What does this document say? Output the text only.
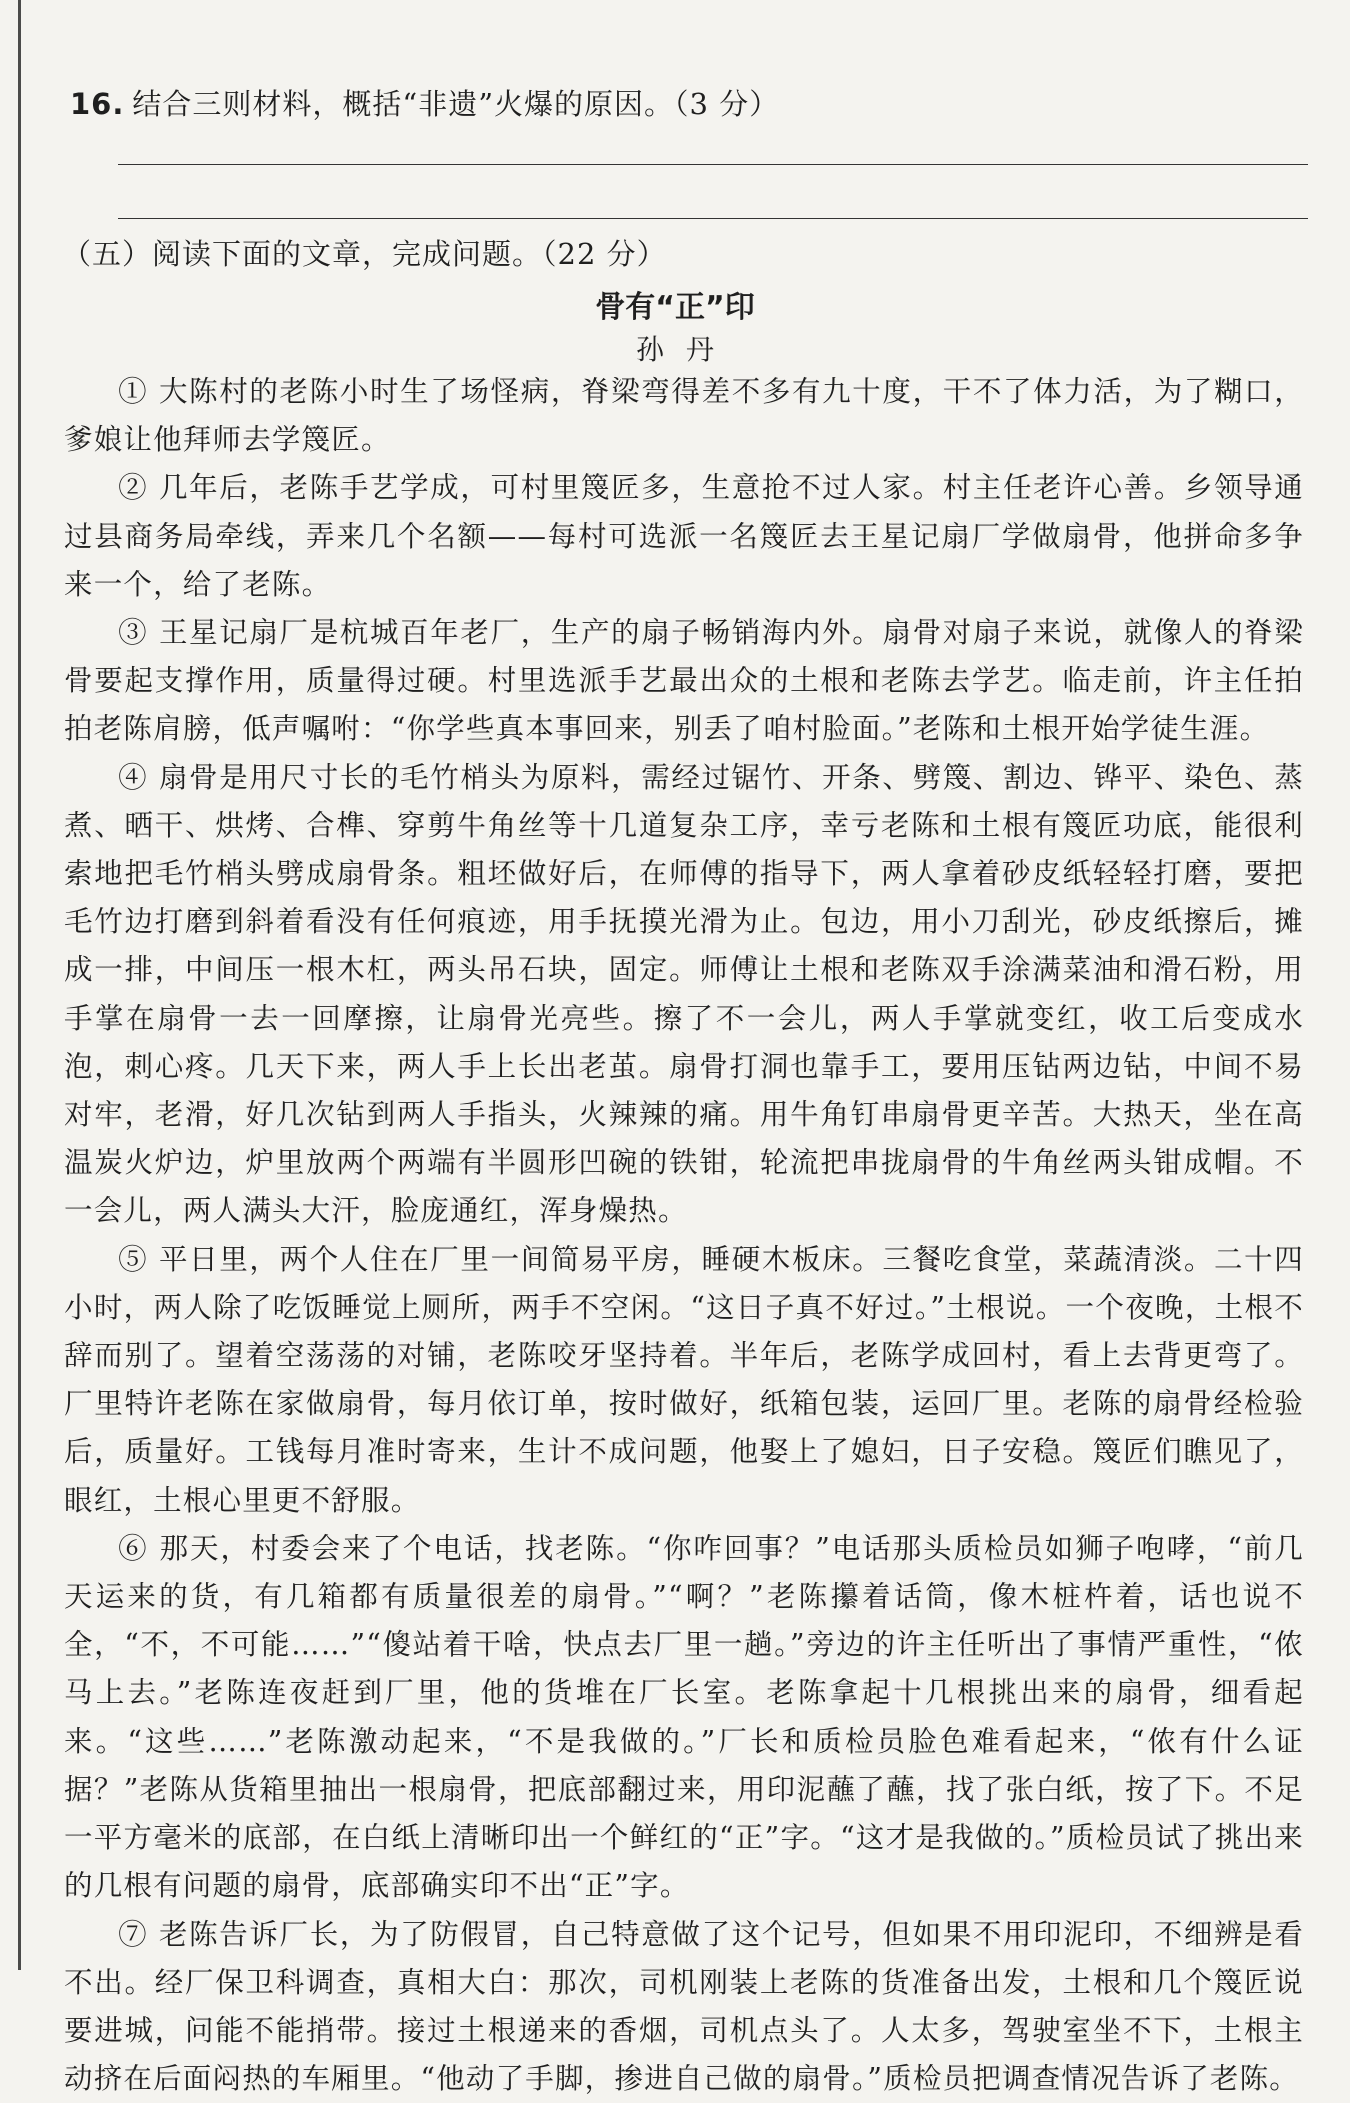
16. 结合三则材料，概括“非遗”火爆的原因。（3 分）
（五）阅读下面的文章，完成问题。（22 分）
骨有“正”印
孙丹

① 大陈村的老陈小时生了场怪病，脊梁弯得差不多有九十度，干不了体力活，为了糊口，爹娘让他拜师去学篾匠。

② 几年后，老陈手艺学成，可村里篾匠多，生意抢不过人家。村主任老许心善。乡领导通过县商务局牵线，弄来几个名额——每村可选派一名篾匠去王星记扇厂学做扇骨，他拼命多争来一个，给了老陈。

③ 王星记扇厂是杭城百年老厂，生产的扇子畅销海内外。扇骨对扇子来说，就像人的脊梁骨要起支撑作用，质量得过硬。村里选派手艺最出众的土根和老陈去学艺。临走前，许主任拍拍老陈肩膀，低声嘱咐：“你学些真本事回来，别丢了咱村脸面。”老陈和土根开始学徒生涯。

④ 扇骨是用尺寸长的毛竹梢头为原料，需经过锯竹、开条、劈篾、割边、铧平、染色、蒸煮、晒干、烘烤、合榫、穿剪牛角丝等十几道复杂工序，幸亏老陈和土根有篾匠功底，能很利索地把毛竹梢头劈成扇骨条。粗坯做好后，在师傅的指导下，两人拿着砂皮纸轻轻打磨，要把毛竹边打磨到斜着看没有任何痕迹，用手抚摸光滑为止。包边，用小刀刮光，砂皮纸擦后，摊成一排，中间压一根木杠，两头吊石块，固定。师傅让土根和老陈双手涂满菜油和滑石粉，用手掌在扇骨一去一回摩擦，让扇骨光亮些。擦了不一会儿，两人手掌就变红，收工后变成水泡，刺心疼。几天下来，两人手上长出老茧。扇骨打洞也靠手工，要用压钻两边钻，中间不易对牢，老滑，好几次钻到两人手指头，火辣辣的痛。用牛角钉串扇骨更辛苦。大热天，坐在高温炭火炉边，炉里放两个两端有半圆形凹碗的铁钳，轮流把串拢扇骨的牛角丝两头钳成帽。不一会儿，两人满头大汗，脸庞通红，浑身燥热。

⑤ 平日里，两个人住在厂里一间简易平房，睡硬木板床。三餐吃食堂，菜蔬清淡。二十四小时，两人除了吃饭睡觉上厕所，两手不空闲。“这日子真不好过。”土根说。一个夜晚，土根不辞而别了。望着空荡荡的对铺，老陈咬牙坚持着。半年后，老陈学成回村，看上去背更弯了。厂里特许老陈在家做扇骨，每月依订单，按时做好，纸箱包装，运回厂里。老陈的扇骨经检验后，质量好。工钱每月准时寄来，生计不成问题，他娶上了媳妇，日子安稳。篾匠们瞧见了，眼红，土根心里更不舒服。

⑥ 那天，村委会来了个电话，找老陈。“你咋回事？”电话那头质检员如狮子咆哮，“前几天运来的货，有几箱都有质量很差的扇骨。”“啊？”老陈攥着话筒，像木桩杵着，话也说不全，“不，不可能……”“傻站着干啥，快点去厂里一趟。”旁边的许主任听出了事情严重性，“侬马上去。”老陈连夜赶到厂里，他的货堆在厂长室。老陈拿起十几根挑出来的扇骨，细看起来。“这些……”老陈激动起来，“不是我做的。”厂长和质检员脸色难看起来，“侬有什么证据？”老陈从货箱里抽出一根扇骨，把底部翻过来，用印泥蘸了蘸，找了张白纸，按了下。不足一平方毫米的底部，在白纸上清晰印出一个鲜红的“正”字。“这才是我做的。”质检员试了挑出来的几根有问题的扇骨，底部确实印不出“正”字。

⑦ 老陈告诉厂长，为了防假冒，自己特意做了这个记号，但如果不用印泥印，不细辨是看不出。经厂保卫科调查，真相大白：那次，司机刚装上老陈的货准备出发，土根和几个篾匠说要进城，问能不能捎带。接过土根递来的香烟，司机点头了。人太多，驾驶室坐不下，土根主动挤在后面闷热的车厢里。“他动了手脚，掺进自己做的扇骨。”质检员把调查情况告诉了老陈。
